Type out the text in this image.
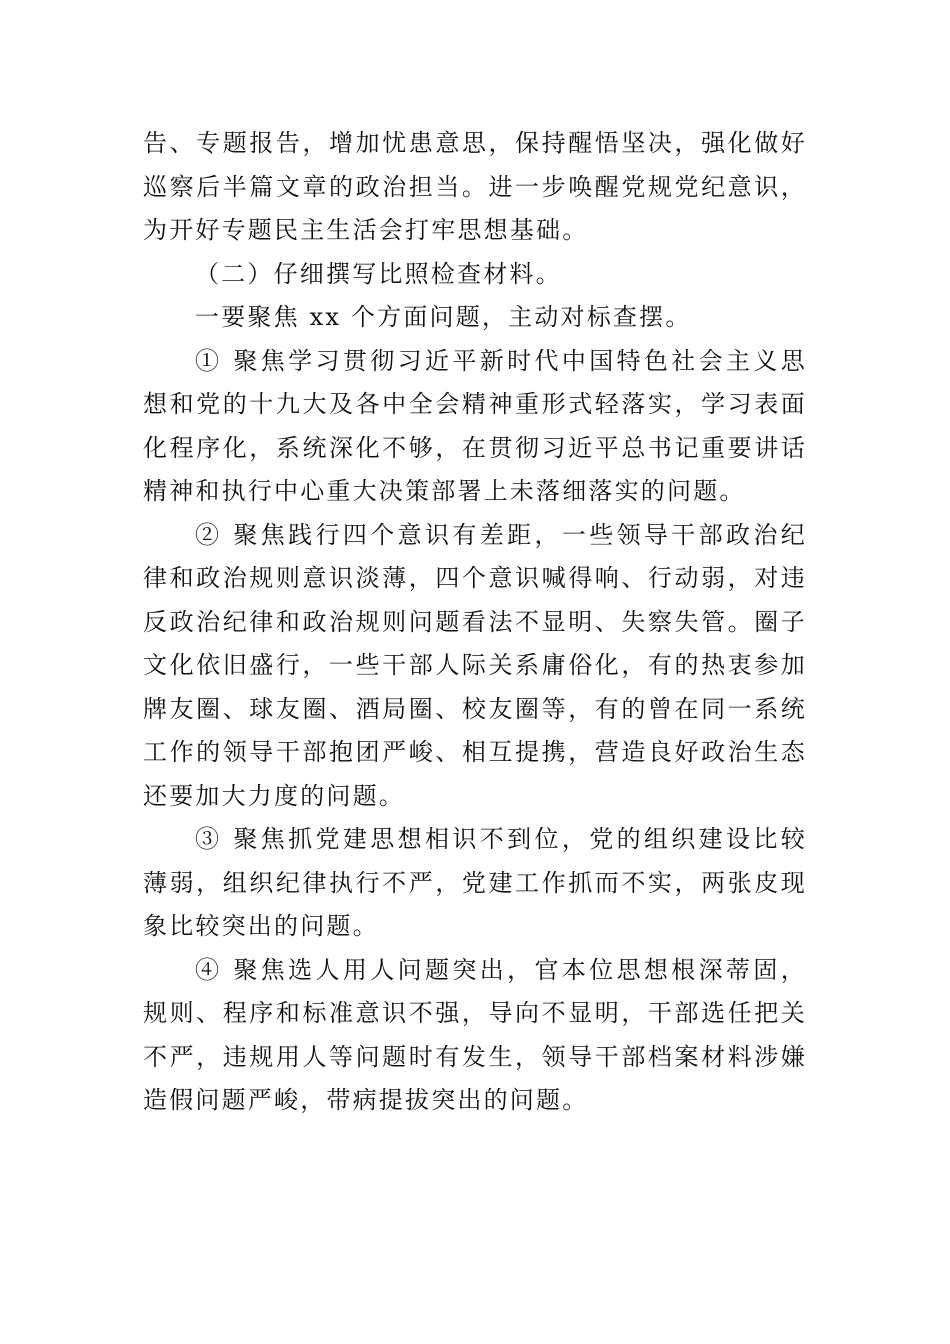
告、专题报告，增加忧患意思，保持醒悟坚决，强化做好巡察后半篇文章的政治担当。进一步唤醒党规党纪意识，为开好专题民主生活会打牢思想基础。

（二）仔细撰写比照检查材料。

一要聚焦 xx 个方面问题，主动对标查摆。

① 聚焦学习贯彻习近平新时代中国特色社会主义思想和党的十九大及各中全会精神重形式轻落实，学习表面化程序化，系统深化不够，在贯彻习近平总书记重要讲话精神和执行中心重大决策部署上未落细落实的问题。

② 聚焦践行四个意识有差距，一些领导干部政治纪律和政治规则意识淡薄，四个意识喊得响、行动弱，对违反政治纪律和政治规则问题看法不显明、失察失管。圈子文化依旧盛行，一些干部人际关系庸俗化，有的热衷参加牌友圈、球友圈、酒局圈、校友圈等，有的曾在同一系统工作的领导干部抱团严峻、相互提携，营造良好政治生态还要加大力度的问题。

③ 聚焦抓党建思想相识不到位，党的组织建设比较薄弱，组织纪律执行不严，党建工作抓而不实，两张皮现象比较突出的问题。

④ 聚焦选人用人问题突出，官本位思想根深蒂固，规则、程序和标准意识不强，导向不显明，干部选任把关不严，违规用人等问题时有发生，领导干部档案材料涉嫌造假问题严峻，带病提拔突出的问题。
